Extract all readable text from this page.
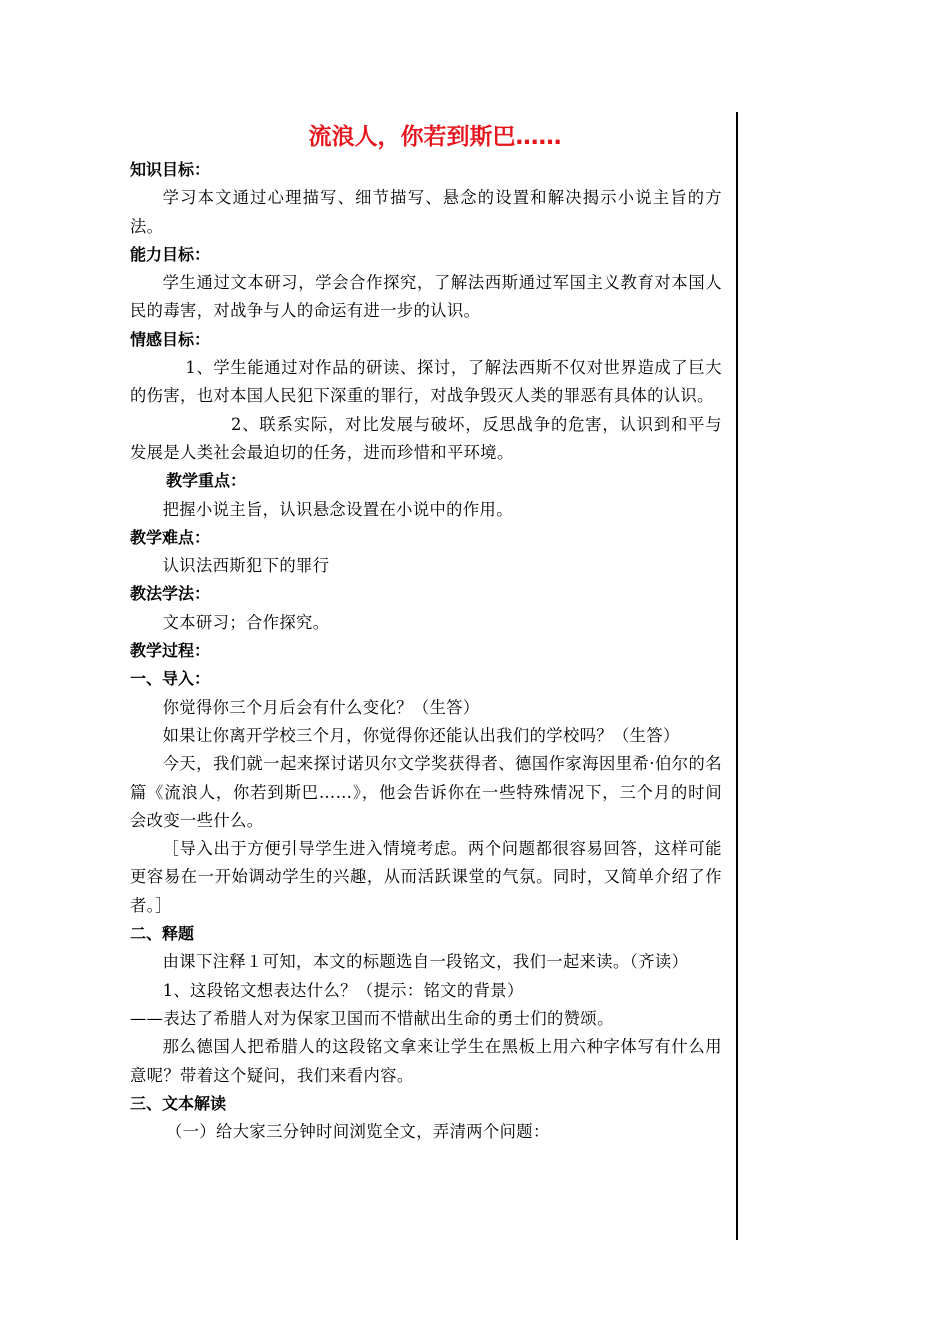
流浪人，你若到斯巴……
知识目标：
学习本文通过心理描写、细节描写、悬念的设置和解决揭示小说主旨的方法。
能力目标：
学生通过文本研习，学会合作探究，了解法西斯通过军国主义教育对本国人民的毒害，对战争与人的命运有进一步的认识。
情感目标：
1、学生能通过对作品的研读、探讨，了解法西斯不仅对世界造成了巨大的伤害，也对本国人民犯下深重的罪行，对战争毁灭人类的罪恶有具体的认识。
2、联系实际，对比发展与破坏，反思战争的危害，认识到和平与发展是人类社会最迫切的任务，进而珍惜和平环境。
教学重点：
把握小说主旨，认识悬念设置在小说中的作用。
教学难点：
认识法西斯犯下的罪行
教法学法：
文本研习；合作探究。
教学过程：
一、导入：
你觉得你三个月后会有什么变化？（生答）
如果让你离开学校三个月，你觉得你还能认出我们的学校吗？（生答）
今天，我们就一起来探讨诺贝尔文学奖获得者、德国作家海因里希·伯尔的名篇《流浪人，你若到斯巴……》，他会告诉你在一些特殊情况下，三个月的时间会改变一些什么。
［导入出于方便引导学生进入情境考虑。两个问题都很容易回答，这样可能更容易在一开始调动学生的兴趣，从而活跃课堂的气氛。同时，又简单介绍了作者。］
二、释题
由课下注释１可知，本文的标题选自一段铭文，我们一起来读。（齐读）
1、这段铭文想表达什么？（提示：铭文的背景）
——表达了希腊人对为保家卫国而不惜献出生命的勇士们的赞颂。
那么德国人把希腊人的这段铭文拿来让学生在黑板上用六种字体写有什么用意呢？带着这个疑问，我们来看内容。
三、文本解读
（一）给大家三分钟时间浏览全文，弄清两个问题：
